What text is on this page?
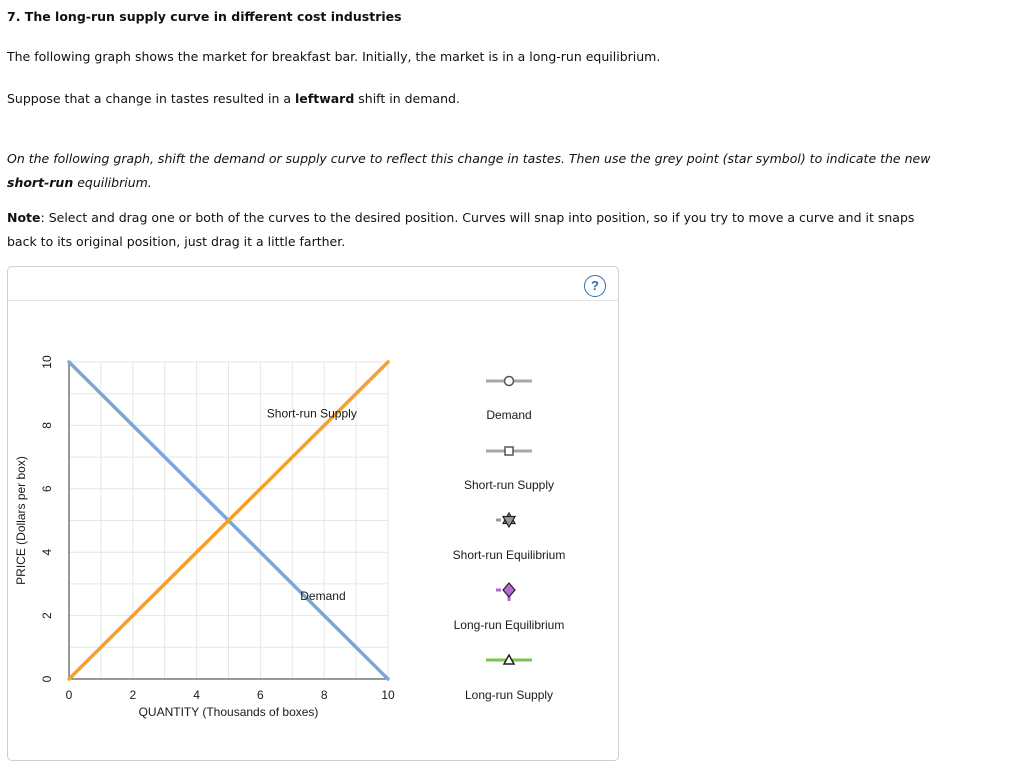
7. The long-run supply curve in different cost industries
The following graph shows the market for breakfast bar. Initially, the market is in a long-run equilibrium.
Suppose that a change in tastes resulted in a leftward shift in demand.
On the following graph, shift the demand or supply curve to reflect this change in tastes. Then use the grey point (star symbol) to indicate the new
short-run equilibrium.
Note: Select and drag one or both of the curves to the desired position. Curves will snap into position, so if you try to move a curve and it snaps
back to its original position, just drag it a little farther.
?
0	2	4	6	8	10
0
2
4
6
8
10
QUANTITY (Thousands of boxes)
PRICE (Dollars per box)
Short-run Supply
Demand
Demand
Short-run Supply
Short-run Equilibrium
Long-run Equilibrium
Long-run Supply
